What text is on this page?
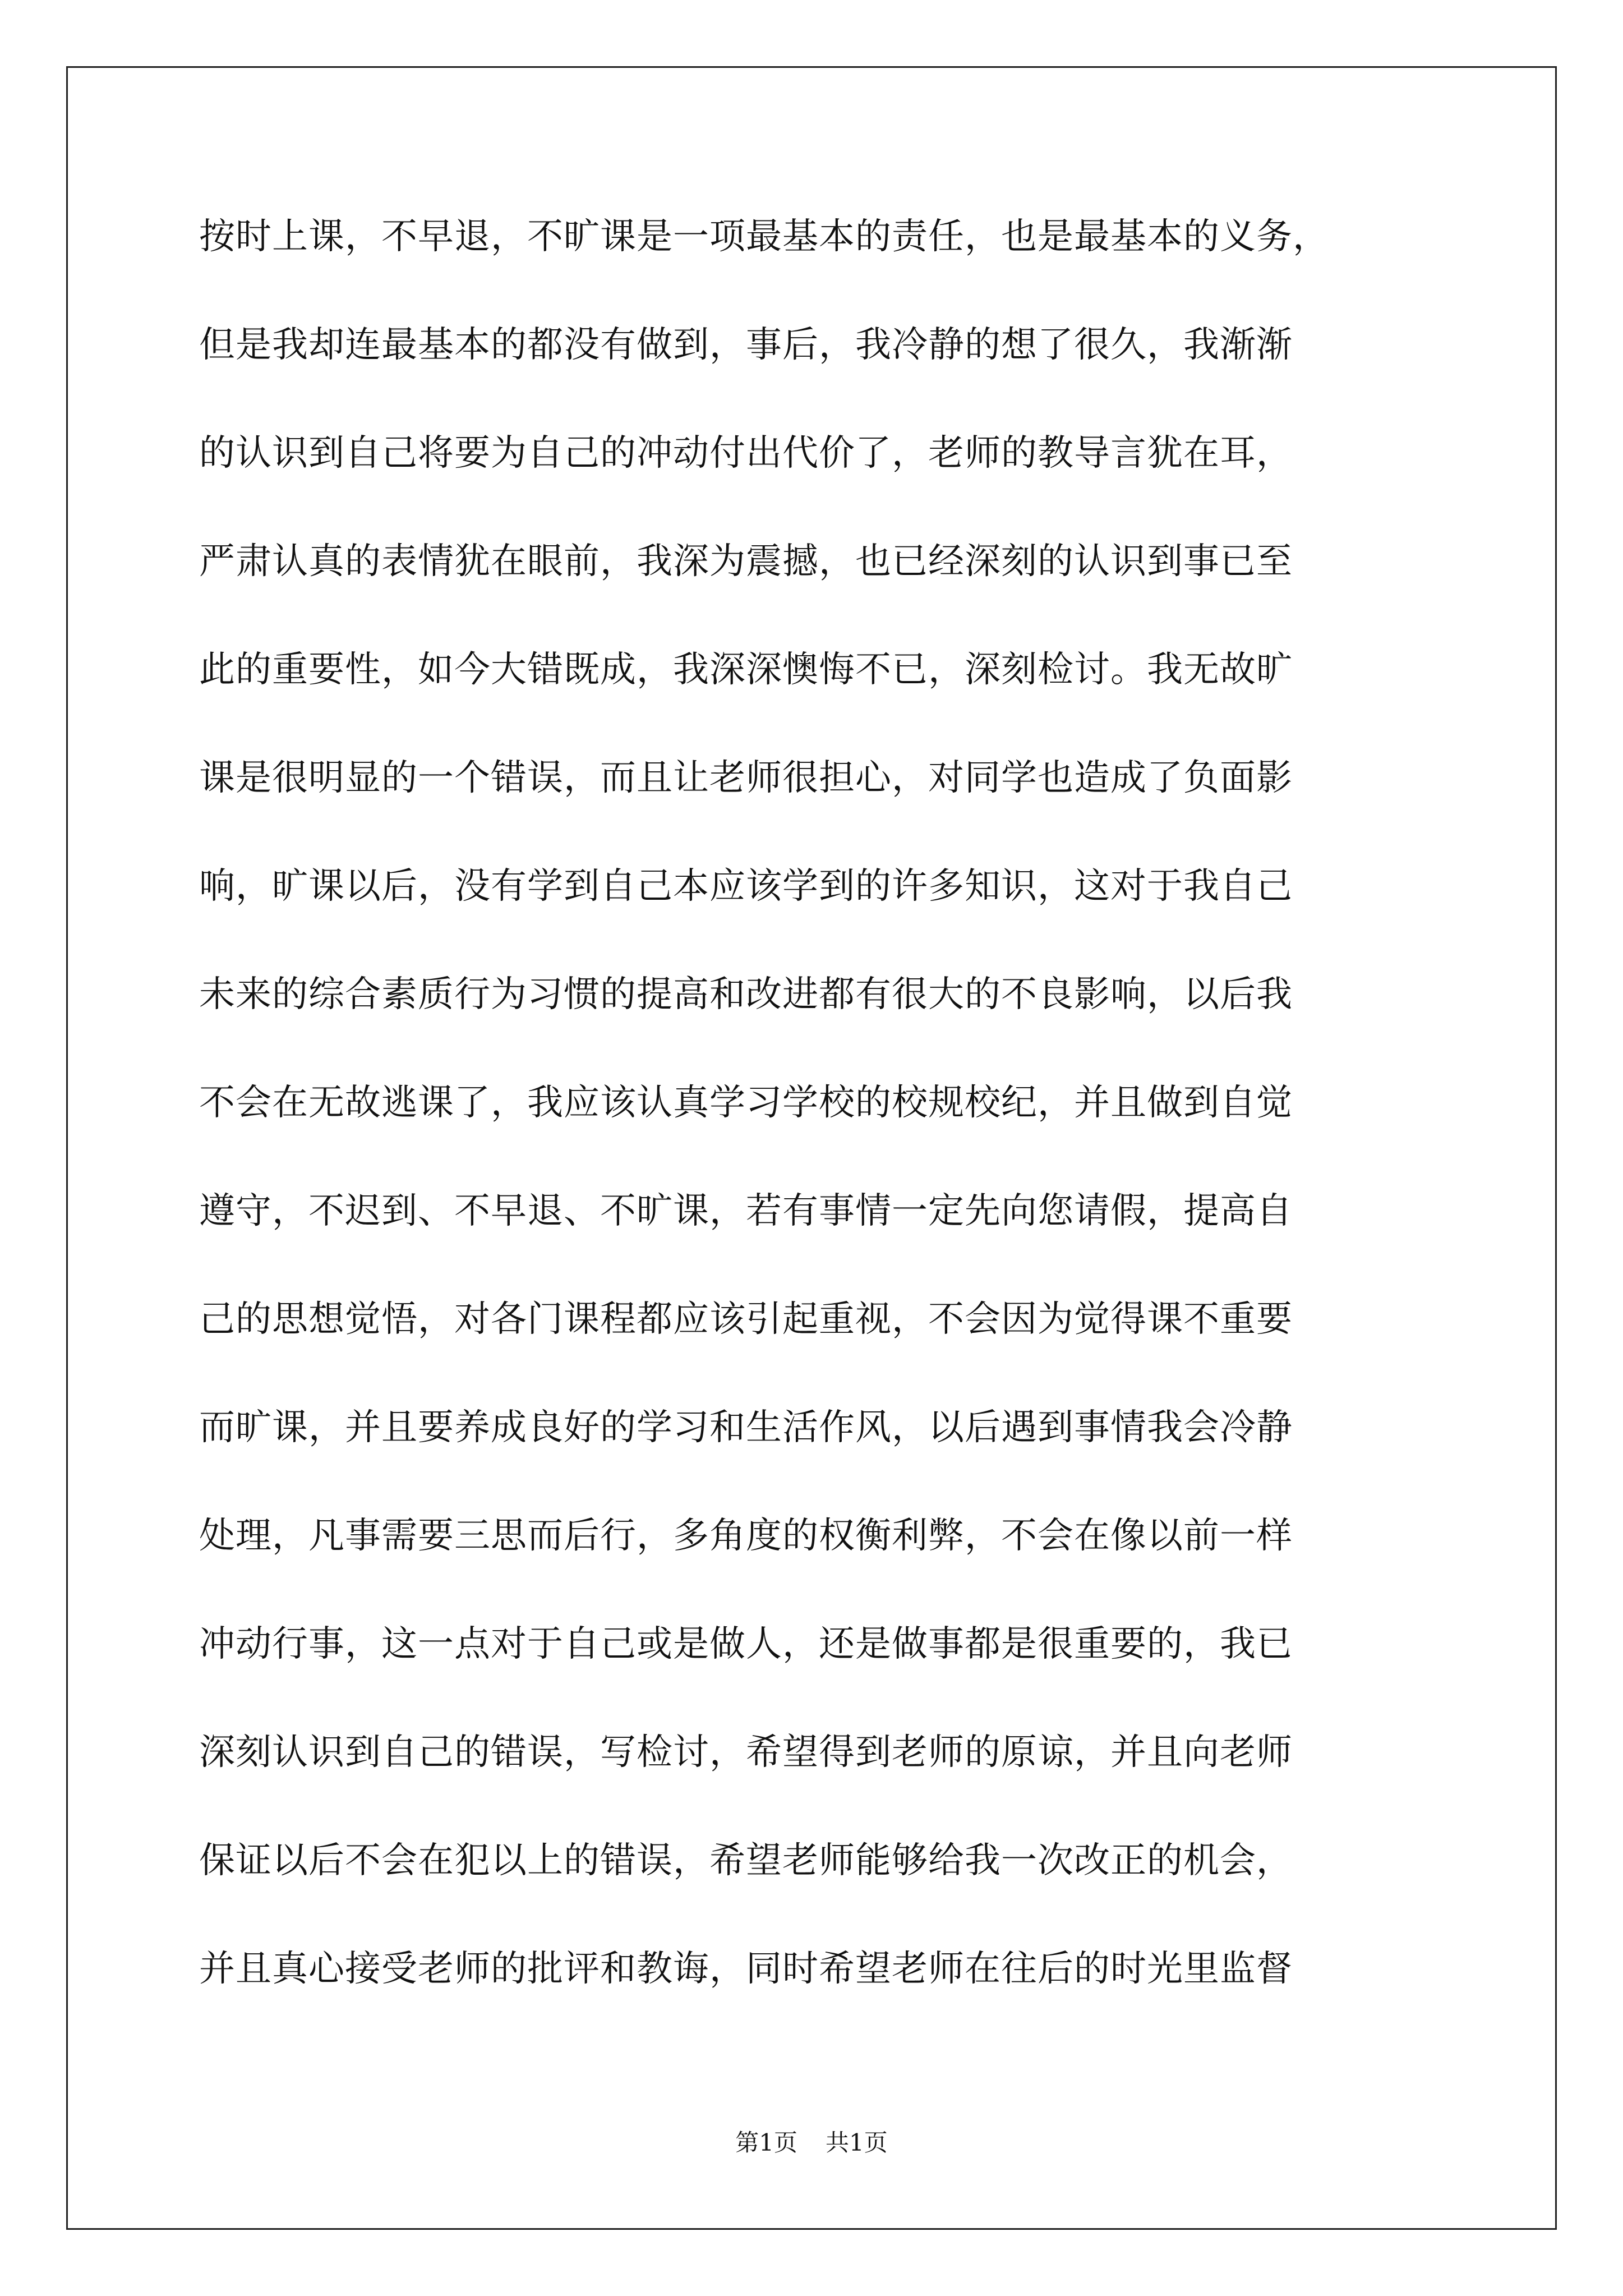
按时上课，不早退，不旷课是一项最基本的责任，也是最基本的义务，
但是我却连最基本的都没有做到，事后，我冷静的想了很久，我渐渐
的认识到自己将要为自己的冲动付出代价了，老师的教导言犹在耳，
严肃认真的表情犹在眼前，我深为震撼，也已经深刻的认识到事已至
此的重要性，如今大错既成，我深深懊悔不已，深刻检讨。我无故旷
课是很明显的一个错误，而且让老师很担心，对同学也造成了负面影
响，旷课以后，没有学到自己本应该学到的许多知识，这对于我自己
未来的综合素质行为习惯的提高和改进都有很大的不良影响，以后我
不会在无故逃课了，我应该认真学习学校的校规校纪，并且做到自觉
遵守，不迟到、不早退、不旷课，若有事情一定先向您请假，提高自
己的思想觉悟，对各门课程都应该引起重视，不会因为觉得课不重要
而旷课，并且要养成良好的学习和生活作风，以后遇到事情我会冷静
处理，凡事需要三思而后行，多角度的权衡利弊，不会在像以前一样
冲动行事，这一点对于自己或是做人，还是做事都是很重要的，我已
深刻认识到自己的错误，写检讨，希望得到老师的原谅，并且向老师
保证以后不会在犯以上的错误，希望老师能够给我一次改正的机会，
并且真心接受老师的批评和教诲，同时希望老师在往后的时光里监督
第1页 共1页
